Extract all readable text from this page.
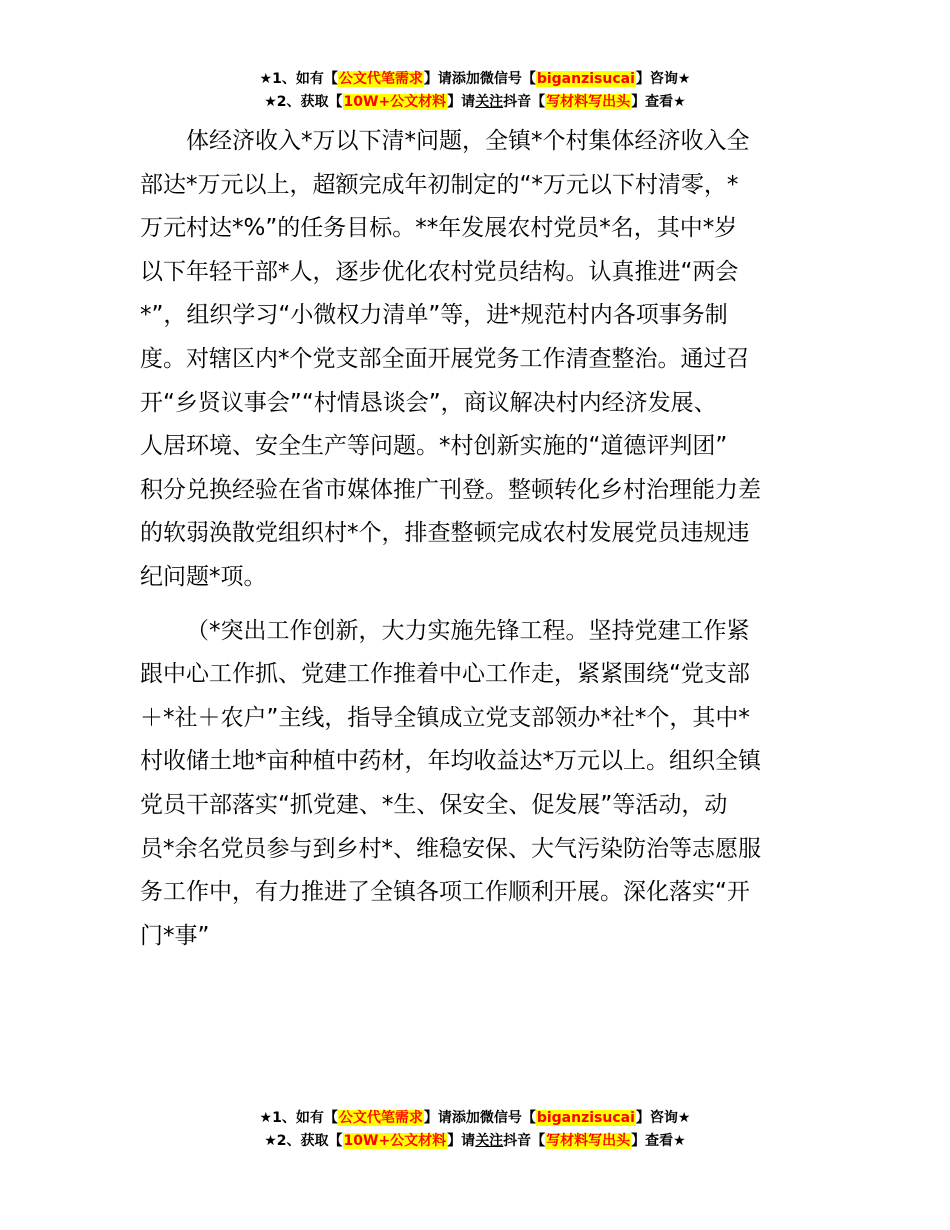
★1、如有【公文代笔需求】请添加微信号【biganzisucai】咨询★
★2、获取【10W+公文材料】请关注抖音【写材料写出头】查看★

体经济收入*万以下清*问题，全镇*个村集体经济收入全
部达*万元以上，超额完成年初制定的“*万元以下村清零，*
万元村达*%”的任务目标。**年发展农村党员*名，其中*岁
以下年轻干部*人，逐步优化农村党员结构。认真推进“两会
*”，组织学习“小微权力清单”等，进*规范村内各项事务制
度。对辖区内*个党支部全面开展党务工作清查整治。通过召
开“乡贤议事会”“村情恳谈会”，商议解决村内经济发展、
人居环境、安全生产等问题。*村创新实施的“道德评判团”
积分兑换经验在省市媒体推广刊登。整顿转化乡村治理能力差
的软弱涣散党组织村*个，排查整顿完成农村发展党员违规违
纪问题*项。

（*突出工作创新，大力实施先锋工程。坚持党建工作紧
跟中心工作抓、党建工作推着中心工作走，紧紧围绕“党支部
＋*社＋农户”主线，指导全镇成立党支部领办*社*个，其中*
村收储土地*亩种植中药材，年均收益达*万元以上。组织全镇
党员干部落实“抓党建、*生、保安全、促发展”等活动，动
员*余名党员参与到乡村*、维稳安保、大气污染防治等志愿服
务工作中，有力推进了全镇各项工作顺利开展。深化落实“开
门*事”

★1、如有【公文代笔需求】请添加微信号【biganzisucai】咨询★
★2、获取【10W+公文材料】请关注抖音【写材料写出头】查看★
